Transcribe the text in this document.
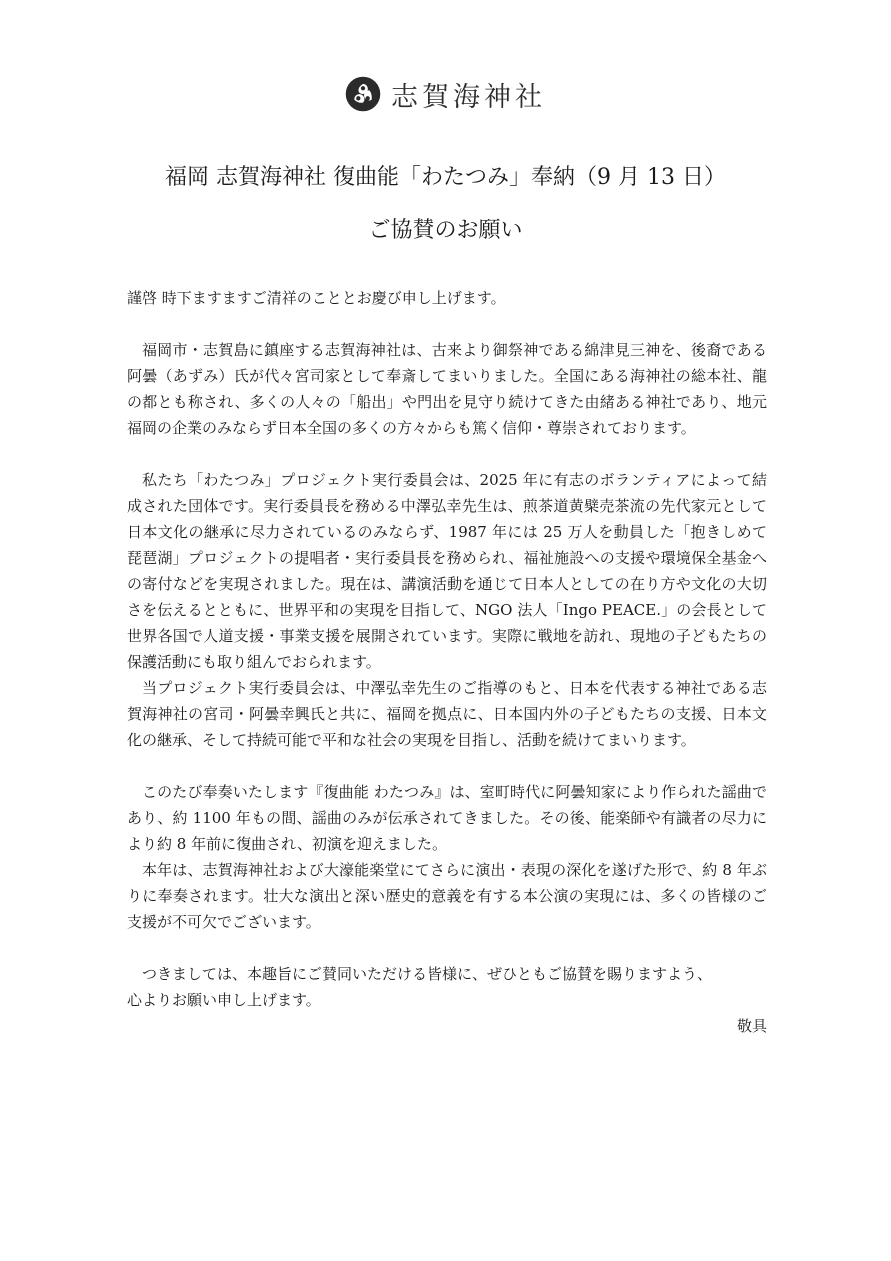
志賀海神社
福岡 志賀海神社 復曲能「わたつみ」奉納（9 月 13 日）
ご協賛のお願い

謹啓 時下ますますご清祥のこととお慶び申し上げます。

福岡市・志賀島に鎮座する志賀海神社は、古来より御祭神である綿津見三神を、後裔である阿曇（あずみ）氏が代々宮司家として奉斎してまいりました。全国にある海神社の総本社、龍の都とも称され、多くの人々の「船出」や門出を見守り続けてきた由緒ある神社であり、地元福岡の企業のみならず日本全国の多くの方々からも篤く信仰・尊崇されております。

私たち「わたつみ」プロジェクト実行委員会は、2025 年に有志のボランティアによって結成された団体です。実行委員長を務める中澤弘幸先生は、煎茶道黄檗売茶流の先代家元として日本文化の継承に尽力されているのみならず、1987 年には 25 万人を動員した「抱きしめて琵琶湖」プロジェクトの提唱者・実行委員長を務められ、福祉施設への支援や環境保全基金への寄付などを実現されました。現在は、講演活動を通じて日本人としての在り方や文化の大切さを伝えるとともに、世界平和の実現を目指して、NGO 法人「Ingo PEACE.」の会長として世界各国で人道支援・事業支援を展開されています。実際に戦地を訪れ、現地の子どもたちの保護活動にも取り組んでおられます。

当プロジェクト実行委員会は、中澤弘幸先生のご指導のもと、日本を代表する神社である志賀海神社の宮司・阿曇幸興氏と共に、福岡を拠点に、日本国内外の子どもたちの支援、日本文化の継承、そして持続可能で平和な社会の実現を目指し、活動を続けてまいります。

このたび奉奏いたします『復曲能 わたつみ』は、室町時代に阿曇知家により作られた謡曲であり、約 1100 年もの間、謡曲のみが伝承されてきました。その後、能楽師や有識者の尽力により約 8 年前に復曲され、初演を迎えました。

本年は、志賀海神社および大濠能楽堂にてさらに演出・表現の深化を遂げた形で、約 8 年ぶりに奉奏されます。壮大な演出と深い歴史的意義を有する本公演の実現には、多くの皆様のご支援が不可欠でございます。

つきましては、本趣旨にご賛同いただける皆様に、ぜひともご協賛を賜りますよう、

心よりお願い申し上げます。

敬具
